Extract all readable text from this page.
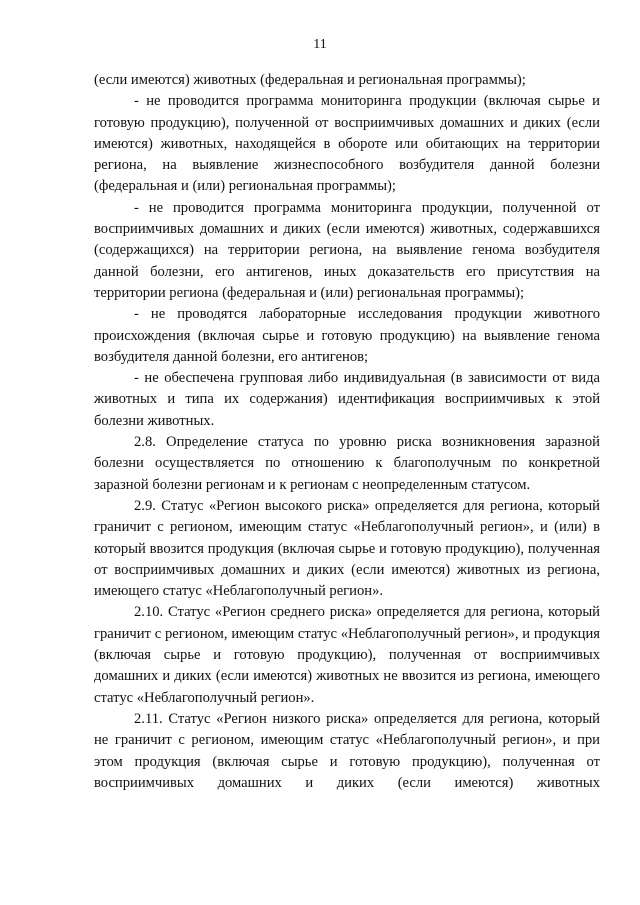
11

(если имеются) животных (федеральная и региональная программы);

- не проводится программа мониторинга продукции (включая сырье и готовую продукцию), полученной от восприимчивых домашних и диких (если имеются) животных, находящейся в обороте или обитающих на территории региона, на выявление жизнеспособного возбудителя данной болезни (федеральная и (или) региональная программы);

- не проводится программа мониторинга продукции, полученной от восприимчивых домашних и диких (если имеются) животных, содержавшихся (содержащихся) на территории региона, на выявление генома возбудителя данной болезни, его антигенов, иных доказательств его присутствия на территории региона (федеральная и (или) региональная программы);

- не проводятся лабораторные исследования продукции животного происхождения (включая сырье и готовую продукцию) на выявление генома возбудителя данной болезни, его антигенов;

- не обеспечена групповая либо индивидуальная (в зависимости от вида животных и типа их содержания) идентификация восприимчивых к этой болезни животных.

2.8. Определение статуса по уровню риска возникновения заразной болезни осуществляется по отношению к благополучным по конкретной заразной болезни регионам и к регионам с неопределенным статусом.

2.9. Статус «Регион высокого риска» определяется для региона, который граничит с регионом, имеющим статус «Неблагополучный регион», и (или) в который ввозится продукция (включая сырье и готовую продукцию), полученная от восприимчивых домашних и диких (если имеются) животных из региона, имеющего статус «Неблагополучный регион».

2.10. Статус «Регион среднего риска» определяется для региона, который граничит с регионом, имеющим статус «Неблагополучный регион», и продукция (включая сырье и готовую продукцию), полученная от восприимчивых домашних и диких (если имеются) животных не ввозится из региона, имеющего статус «Неблагополучный регион».

2.11. Статус «Регион низкого риска» определяется для региона, который не граничит с регионом, имеющим статус «Неблагополучный регион», и при этом продукция (включая сырье и готовую продукцию), полученная от восприимчивых домашних и диких (если имеются) животных
